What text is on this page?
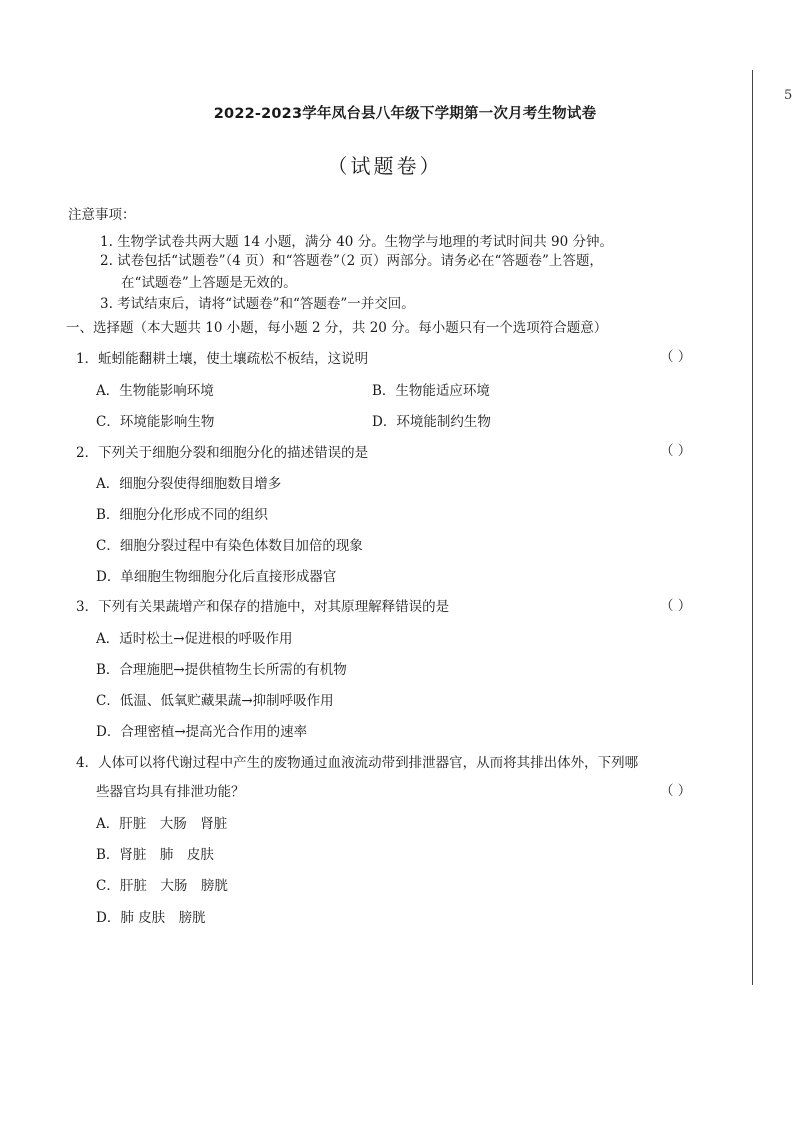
5
2022-2023学年凤台县八年级下学期第一次月考生物试卷
（试题卷）
注意事项：
1. 生物学试卷共两大题 14 小题，满分 40 分。生物学与地理的考试时间共 90 分钟。
2. 试卷包括“试题卷”（4 页）和“答题卷”（2 页）两部分。请务必在“答题卷”上答题，
在“试题卷”上答题是无效的。
3. 考试结束后，请将“试题卷”和“答题卷”一并交回。
一、选择题（本大题共 10 小题，每小题 2 分，共 20 分。每小题只有一个选项符合题意）
1．蚯蚓能翻耕土壤，使土壤疏松不板结，这说明	（ ）
A．生物能影响环境	B．生物能适应环境
C．环境能影响生物	D．环境能制约生物
2．下列关于细胞分裂和细胞分化的描述错误的是	（ ）
A．细胞分裂使得细胞数目增多
B．细胞分化形成不同的组织
C．细胞分裂过程中有染色体数目加倍的现象
D．单细胞生物细胞分化后直接形成器官
3．下列有关果蔬增产和保存的措施中，对其原理解释错误的是	（ ）
A．适时松土→促进根的呼吸作用
B．合理施肥→提供植物生长所需的有机物
C．低温、低氧贮藏果蔬→抑制呼吸作用
D．合理密植→提高光合作用的速率
4．人体可以将代谢过程中产生的废物通过血液流动带到排泄器官，从而将其排出体外，下列哪
些器官均具有排泄功能？	（ ）
A．肝脏　大肠　肾脏
B．肾脏　肺　皮肤
C．肝脏　大肠　膀胱
D．肺 皮肤　膀胱
